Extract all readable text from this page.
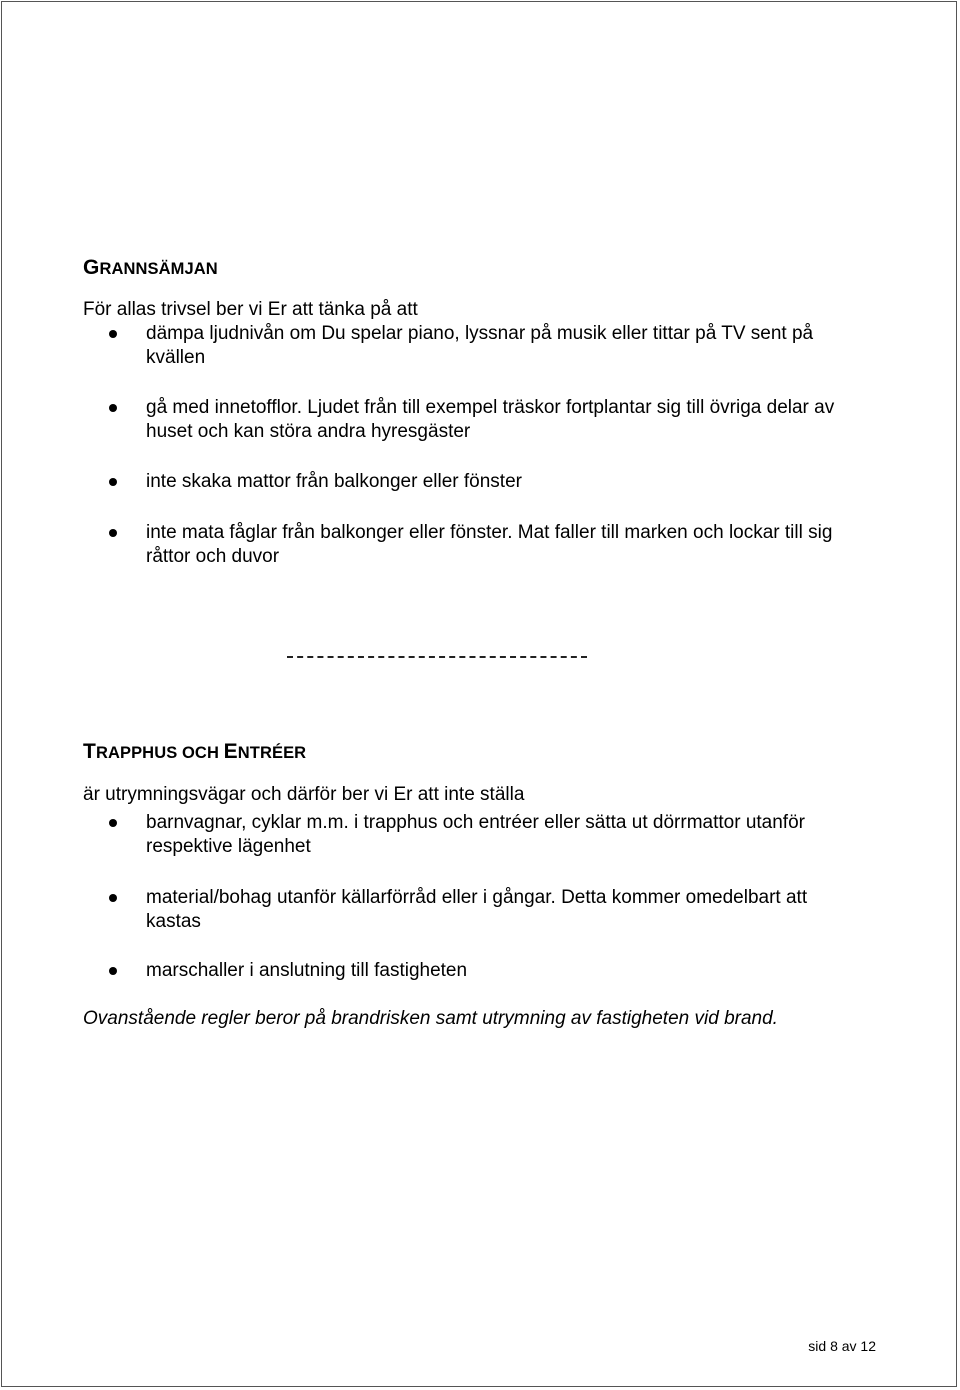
GRANNSÄMJAN
För allas trivsel ber vi Er att tänka på att
dämpa ljudnivån om Du spelar piano, lyssnar på musik eller tittar på TV sent på kvällen
gå med innetofflor. Ljudet från till exempel träskor fortplantar sig till övriga delar av huset och kan störa andra hyresgäster
inte skaka mattor från balkonger eller fönster
inte mata fåglar från balkonger eller fönster. Mat faller till marken och lockar till sig råttor och duvor
TRAPPHUS OCH ENTRÉER
är utrymningsvägar och därför ber vi Er att inte ställa
barnvagnar, cyklar m.m. i trapphus och entréer eller sätta ut dörrmattor utanför respektive lägenhet
material/bohag utanför källarförråd eller i gångar. Detta kommer omedelbart att kastas
marschaller i anslutning till fastigheten
Ovanstående regler beror på brandrisken samt utrymning av fastigheten vid brand.
sid 8 av 12
